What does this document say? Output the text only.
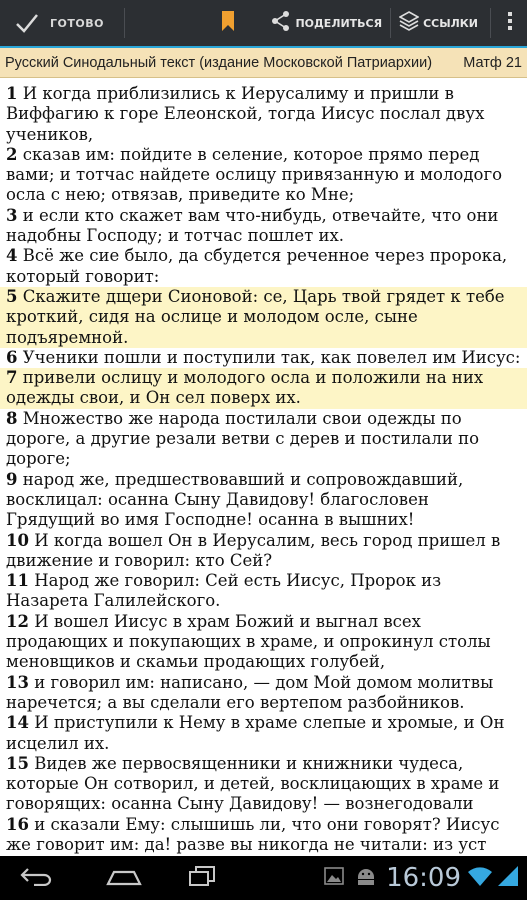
ГОТОВО	ПОДЕЛИТЬСЯ	ССЫЛКИ
Русский Синодальный текст (издание Московской Патриархии) Матф 21
1 И когда приблизились к Иерусалиму и пришли в Виффагию к горе Елеонской, тогда Иисус послал двух учеников,
2 сказав им: пойдите в селение, которое прямо перед вами; и тотчас найдете ослицу привязанную и молодого осла с нею; отвязав, приведите ко Мне;
3 и если кто скажет вам что-нибудь, отвечайте, что они надобны Господу; и тотчас пошлет их.
4 Всё же сие было, да сбудется реченное через пророка, который говорит:
5 Скажите дщери Сионовой: се, Царь твой грядет к тебе кроткий, сидя на ослице и молодом осле, сыне подъяремной.
6 Ученики пошли и поступили так, как повелел им Иисус:
7 привели ослицу и молодого осла и положили на них одежды свои, и Он сел поверх их.
8 Множество же народа постилали свои одежды по дороге, а другие резали ветви с дерев и постилали по дороге;
9 народ же, предшествовавший и сопровождавший, восклицал: осанна Сыну Давидову! благословен Грядущий во имя Господне! осанна в вышних!
10 И когда вошел Он в Иерусалим, весь город пришел в движение и говорил: кто Сей?
11 Народ же говорил: Сей есть Иисус, Пророк из Назарета Галилейского.
12 И вошел Иисус в храм Божий и выгнал всех продающих и покупающих в храме, и опрокинул столы меновщиков и скамьи продающих голубей,
13 и говорил им: написано, — дом Мой домом молитвы наречется; а вы сделали его вертепом разбойников.
14 И приступили к Нему в храме слепые и хромые, и Он исцелил их.
15 Видев же первосвященники и книжники чудеса, которые Он сотворил, и детей, восклицающих в храме и говорящих: осанна Сыну Давидову! — вознегодовали
16 и сказали Ему: слышишь ли, что они говорят? Иисус же говорит им: да! разве вы никогда не читали: из уст
16:09
